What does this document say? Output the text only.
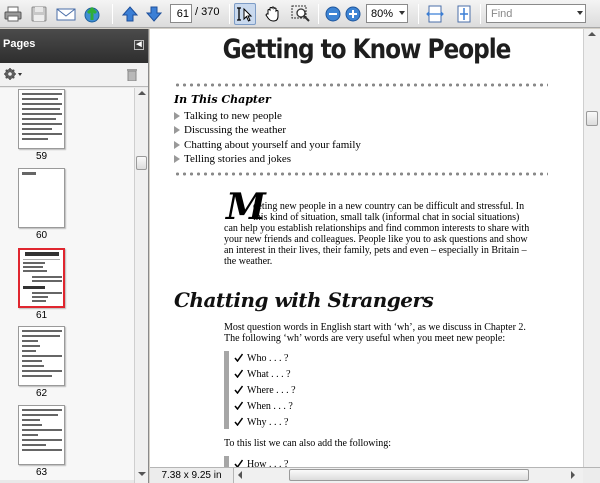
61
/ 370	80%	Find
Pages	◀
59
60
61
62
63
Getting to Know People
In This Chapter
Talking to new people
Discussing the weather
Chatting about yourself and your family
Telling stories and jokes
M
eeting new people in a new country can be difficult and stressful. In
this kind of situation, small talk (informal chat in social situations)
can help you establish relationships and find common interests to share with
your new friends and colleagues. People like you to ask questions and show
an interest in their lives, their family, pets and even – especially in Britain –
the weather.
Chatting with Strangers
Most question words in English start with ‘wh’, as we discuss in Chapter 2.
The following ‘wh’ words are very useful when you meet new people:
Who . . . ?
What . . . ?
Where . . . ?
When . . . ?
Why . . . ?
To this list we can also add the following:
How . . . ?
7.38 x 9.25 in
